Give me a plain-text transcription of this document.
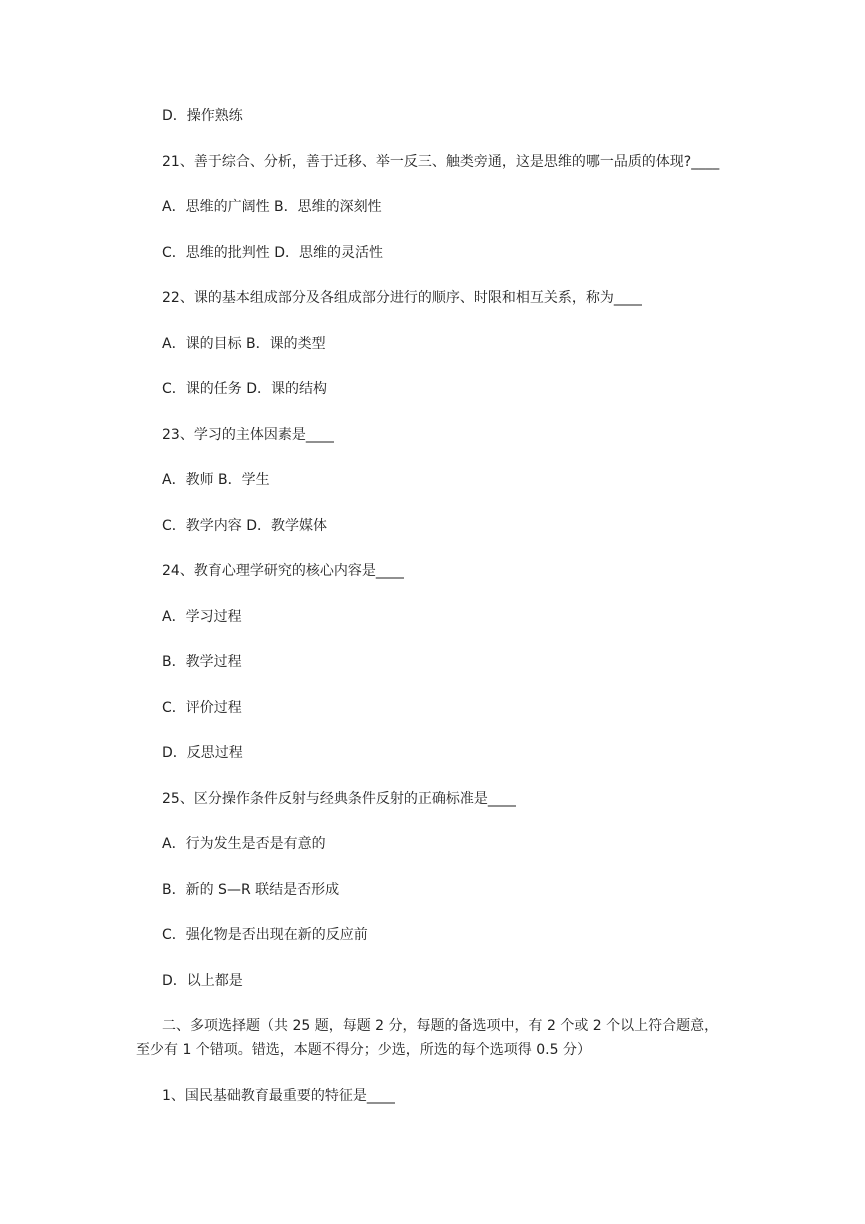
D．操作熟练
21、善于综合、分析，善于迁移、举一反三、触类旁通，这是思维的哪一品质的体现?____
A．思维的广阔性 B．思维的深刻性
C．思维的批判性 D．思维的灵活性
22、课的基本组成部分及各组成部分进行的顺序、时限和相互关系，称为____
A．课的目标 B．课的类型
C．课的任务 D．课的结构
23、学习的主体因素是____
A．教师 B．学生
C．教学内容 D．教学媒体
24、教育心理学研究的核心内容是____
A．学习过程
B．教学过程
C．评价过程
D．反思过程
25、区分操作条件反射与经典条件反射的正确标准是____
A．行为发生是否是有意的
B．新的 S—R 联结是否形成
C．强化物是否出现在新的反应前
D．以上都是
二、多项选择题（共 25 题，每题 2 分，每题的备选项中，有 2 个或 2 个以上符合题意，
至少有 1 个错项。错选，本题不得分；少选，所选的每个选项得 0.5 分）
1、国民基础教育最重要的特征是____
